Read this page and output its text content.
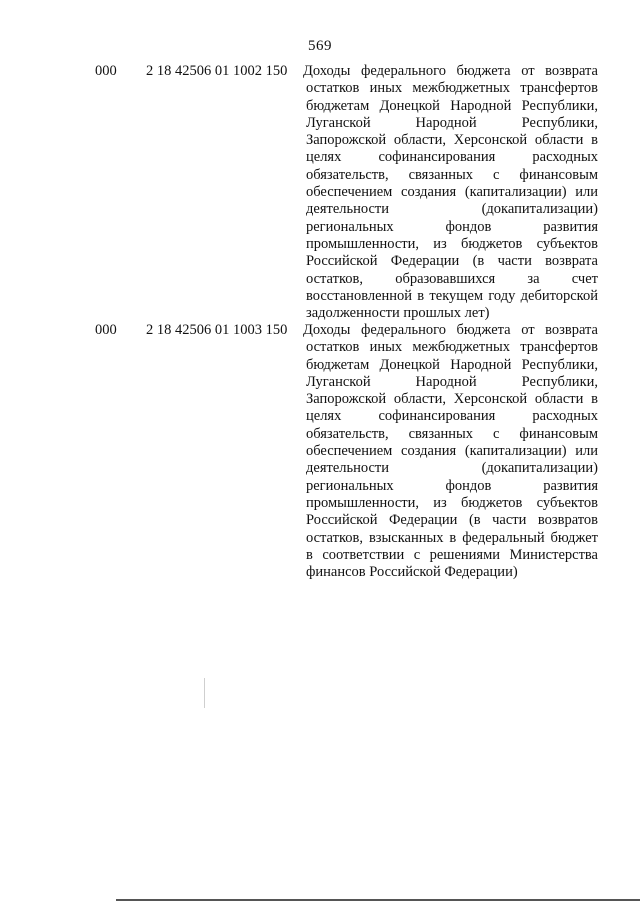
569
000 2 18 42506 01 1002 150 Доходы федерального бюджета от возврата
остатков иных межбюджетных трансфертов
бюджетам Донецкой Народной Республики,
Луганской Народной Республики,
Запорожской области, Херсонской области в
целях софинансирования расходных
обязательств, связанных с финансовым
обеспечением создания (капитализации) или
деятельности (докапитализации)
региональных фондов развития
промышленности, из бюджетов субъектов
Российской Федерации (в части возврата
остатков, образовавшихся за счет
восстановленной в текущем году дебиторской
задолженности прошлых лет)
000 2 18 42506 01 1003 150 Доходы федерального бюджета от возврата
остатков иных межбюджетных трансфертов
бюджетам Донецкой Народной Республики,
Луганской Народной Республики,
Запорожской области, Херсонской области в
целях софинансирования расходных
обязательств, связанных с финансовым
обеспечением создания (капитализации) или
деятельности (докапитализации)
региональных фондов развития
промышленности, из бюджетов субъектов
Российской Федерации (в части возвратов
остатков, взысканных в федеральный бюджет
в соответствии с решениями Министерства
финансов Российской Федерации)
